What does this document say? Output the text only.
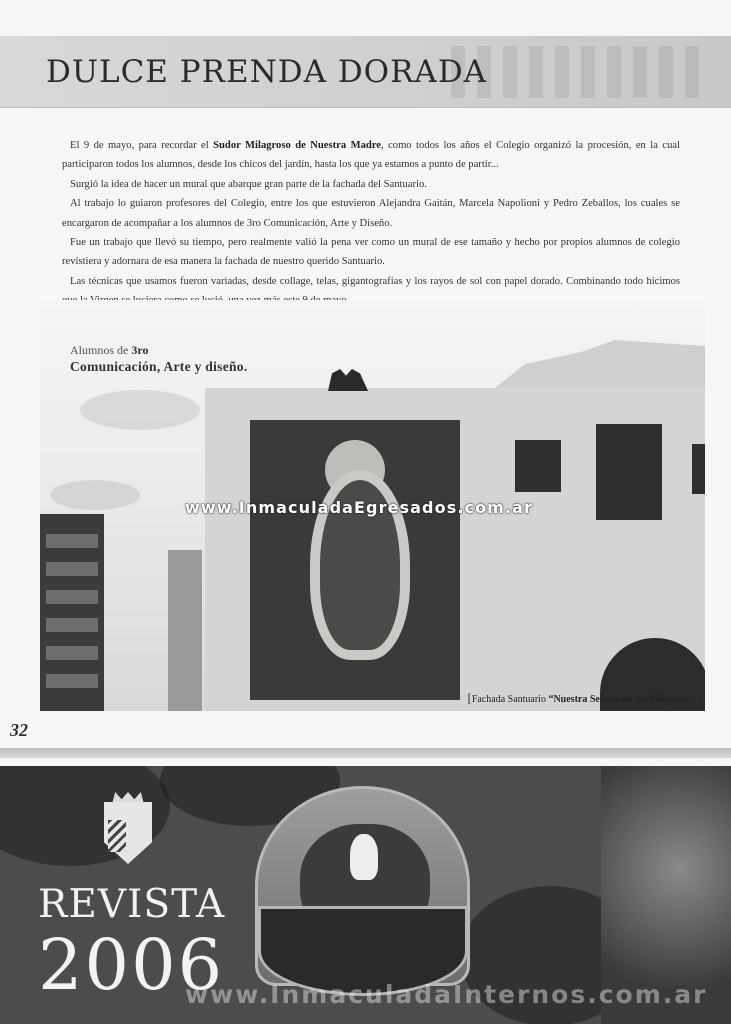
DULCE PRENDA DORADA

El 9 de mayo, para recordar el Sudor Milagroso de Nuestra Madre, como todos los años el Colegio organizó la procesión, en la cual participaron todos los alumnos, desde los chicos del jardín, hasta los que ya estamos a punto de partir...

Surgió la idea de hacer un mural que abarque gran parte de la fachada del Santuario.

Al trabajo lo guiaron profesores del Colegio, entre los que estuvieron Alejandra Gaitán, Marcela Napolioni y Pedro Zeballos, los cuales se encargaron de acompañar a los alumnos de 3ro Comunicación, Arte y Diseño.

Fue un trabajo que llevó su tiempo, pero realmente valió la pena ver como un mural de ese tamaño y hecho por propios alumnos de colegio revistiera y adornara de esa manera la fachada de nuestro querido Santuario.

Las técnicas que usamos fueron variadas, desde collage, telas, gigantografías y los rayos de sol con papel dorado. Combinando todo hicimos

[Fachada Santuario “Nuestra Señora de los Milagros” ]
Alumnos de 3ro
Comunicación, Arte y diseño.
www.InmaculadaEgresados.com.ar
32
REVISTA
2006
www.InmaculadaInternos.com.ar
